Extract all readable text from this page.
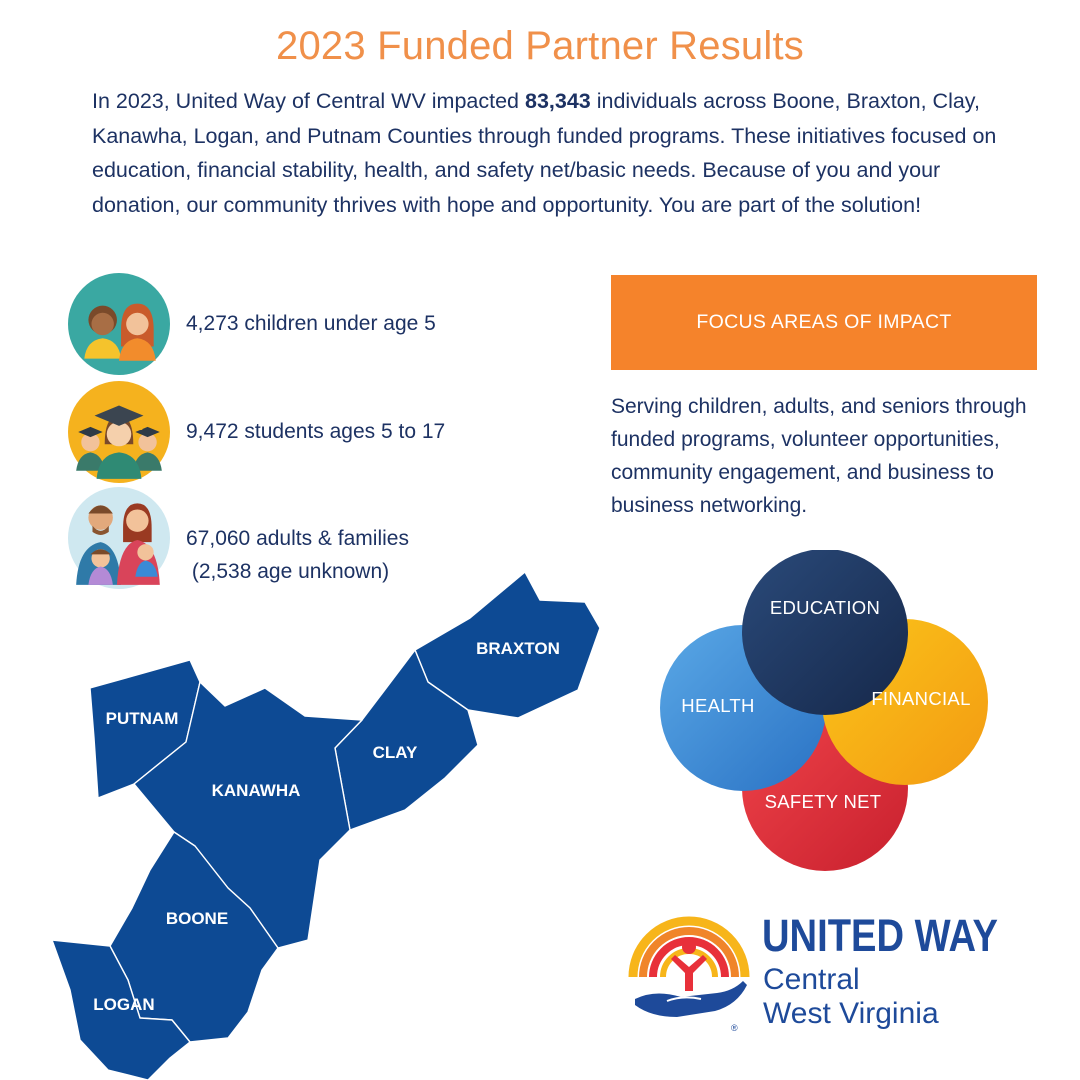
2023 Funded Partner Results
In 2023, United Way of Central WV impacted 83,343 individuals across Boone, Braxton, Clay, Kanawha, Logan, and Putnam Counties through funded programs. These initiatives focused on education, financial stability, health, and safety net/basic needs. Because of you and your donation, our community thrives with hope and opportunity. You are part of the solution!
4,273 children under age 5
9,472 students ages 5 to 17
67,060 adults & families
(2,538 age unknown)
FOCUS AREAS OF IMPACT
Serving children, adults, and seniors through funded programs, volunteer opportunities, community engagement, and business to business networking.
PUTNAM
KANAWHA
CLAY
BRAXTON
BOONE
LOGAN
EDUCATION
FINANCIAL
HEALTH
SAFETY NET
®
UNITED WAY
Central
West Virginia
